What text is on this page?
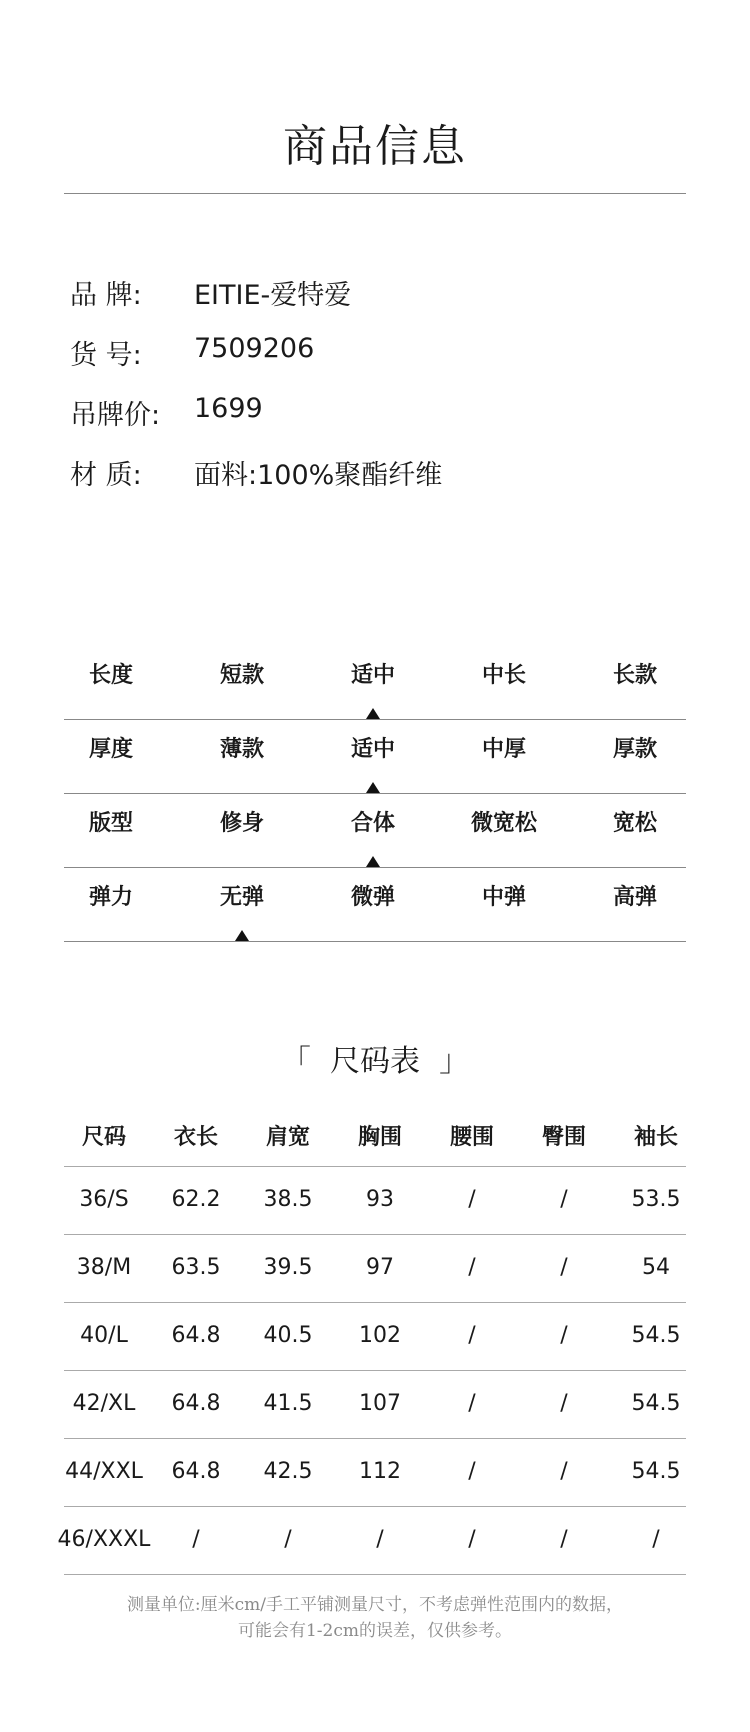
商品信息
品 牌:	EITIE-爱特爱
货 号:	7509206
吊牌价:	1699
材 质:	面料:100%聚酯纤维
长度	短款	适中	中长	长款
厚度	薄款	适中	中厚	厚款
版型	修身	合体	微宽松	宽松
弹力	无弹	微弹	中弹	高弹
「  尺码表  」
尺码	衣长	肩宽	胸围	腰围	臀围	袖长
36/S	62.2	38.5	93	/	/	53.5
38/M	63.5	39.5	97	/	/	54
40/L	64.8	40.5	102	/	/	54.5
42/XL	64.8	41.5	107	/	/	54.5
44/XXL	64.8	42.5	112	/	/	54.5
46/XXXL	/	/	/	/	/	/
测量单位:厘米cm/手工平铺测量尺寸，不考虑弹性范围内的数据，
可能会有1-2cm的误差，仅供参考。
